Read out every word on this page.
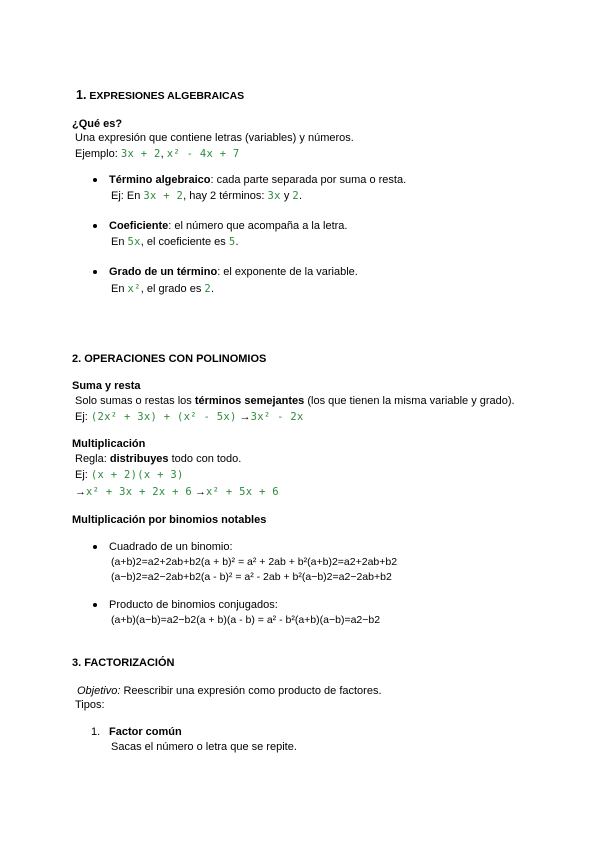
1. EXPRESIONES ALGEBRAICAS
¿Qué es?
Una expresión que contiene letras (variables) y números.
Ejemplo: 3x + 2, x² - 4x + 7
Término algebraico: cada parte separada por suma o resta.
Ej: En 3x + 2, hay 2 términos: 3x y 2.
Coeficiente: el número que acompaña a la letra.
En 5x, el coeficiente es 5.
Grado de un término: el exponente de la variable.
En x², el grado es 2.
2. OPERACIONES CON POLINOMIOS
Suma y resta
Solo sumas o restas los términos semejantes (los que tienen la misma variable y grado).
Ej: (2x² + 3x) + (x² - 5x) →3x² - 2x
Multiplicación
Regla: distribuyes todo con todo.
Ej: (x + 2)(x + 3)
→x² + 3x + 2x + 6 →x² + 5x + 6
Multiplicación por binomios notables
Cuadrado de un binomio:
(a+b)2=a2+2ab+b2(a + b)² = a² + 2ab + b²(a+b)2=a2+2ab+b2
(a−b)2=a2−2ab+b2(a - b)² = a² - 2ab + b²(a−b)2=a2−2ab+b2
Producto de binomios conjugados:
(a+b)(a−b)=a2−b2(a + b)(a - b) = a² - b²(a+b)(a−b)=a2−b2
3. FACTORIZACIÓN
Objetivo: Reescribir una expresión como producto de factores.
Tipos:
1. Factor común
Sacas el número o letra que se repite.
